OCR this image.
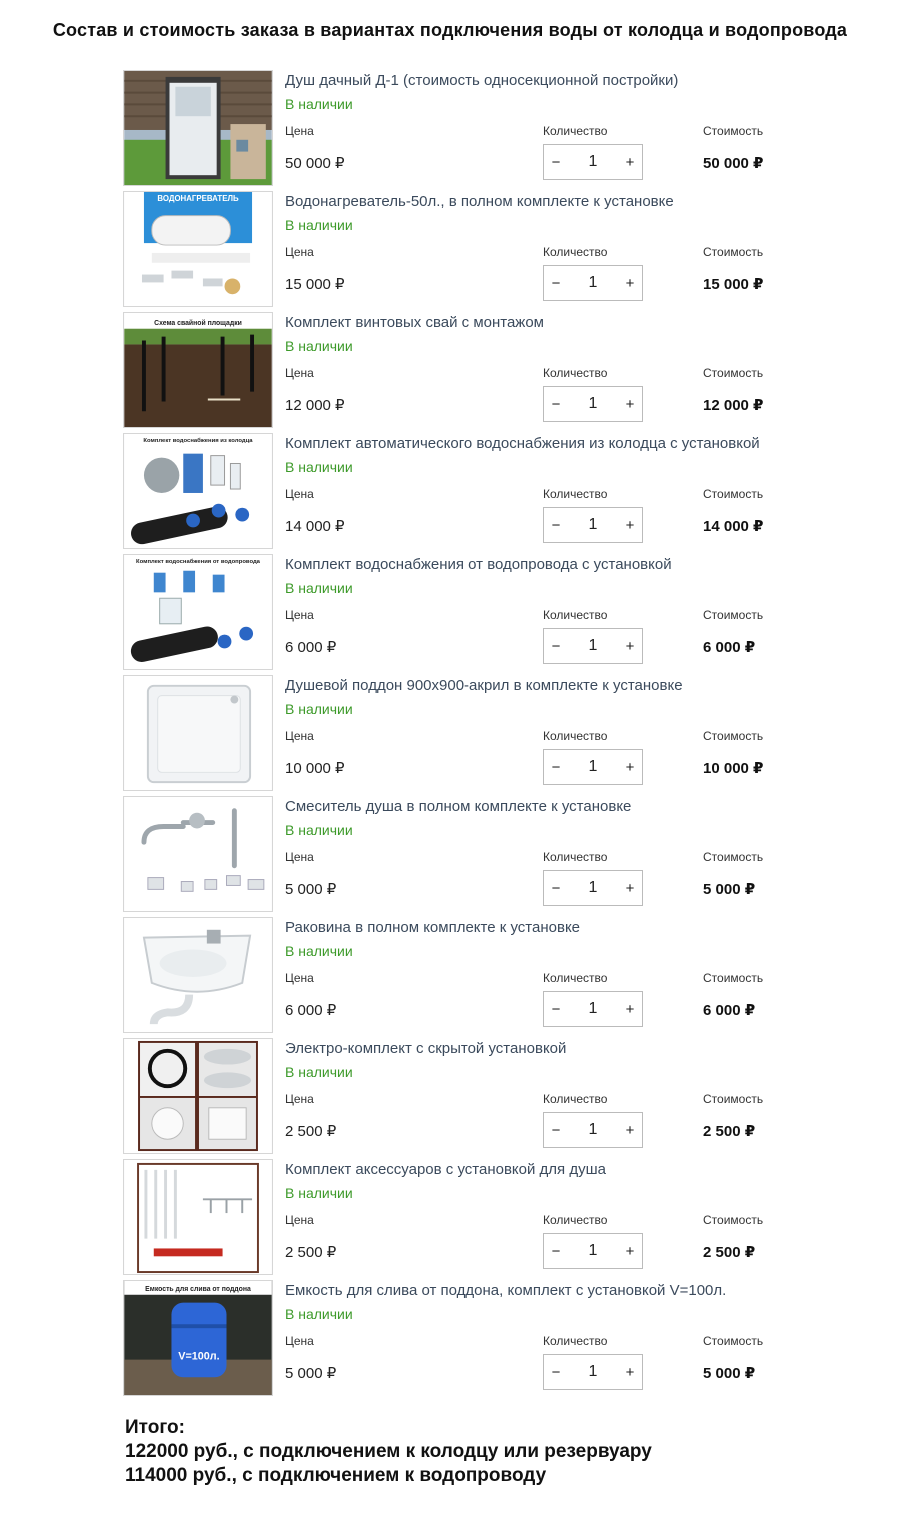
Состав и стоимость заказа в вариантах подключения воды от колодца и водопровода
Душ дачный Д-1 (стоимость односекционной постройки)
В наличии
Цена	Количество	Стоимость
50 000 ₽	−	1	+	50 000 ₽
ВОДОНАГРЕВАТЕЛЬ	Водонагреватель-50л., в полном комплекте к установке
В наличии
Цена	Количество	Стоимость
15 000 ₽	−	1	+	15 000 ₽
Схема свайной площадки	Комплект винтовых свай с монтажом
В наличии
Цена	Количество	Стоимость
12 000 ₽	−	1	+	12 000 ₽
Комплект водоснабжения из колодца Комплект автоматического водоснабжения из колодца с установкой
В наличии
Цена	Количество	Стоимость
14 000 ₽	−	1	+	14 000 ₽
Комплект водоснабжения от водопровода Комплект водоснабжения от водопровода с установкой
В наличии
Цена	Количество	Стоимость
6 000 ₽	−	1	+	6 000 ₽
Душевой поддон 900x900-акрил в комплекте к установке
В наличии
Цена	Количество	Стоимость
10 000 ₽	−	1	+	10 000 ₽
Смеситель душа в полном комплекте к установке
В наличии
Цена	Количество	Стоимость
5 000 ₽	−	1	+	5 000 ₽
Раковина в полном комплекте к установке
В наличии
Цена	Количество	Стоимость
6 000 ₽	−	1	+	6 000 ₽
Электро-комплект с скрытой установкой
В наличии
Цена	Количество	Стоимость
2 500 ₽	−	1	+	2 500 ₽
Комплект аксессуаров с установкой для душа
В наличии
Цена	Количество	Стоимость
2 500 ₽	−	1	+	2 500 ₽
Емкость для слива от поддона
V=100л.
Емкость для слива от поддона, комплект с установкой V=100л.
В наличии
Цена	Количество	Стоимость
5 000 ₽	−	1	+	5 000 ₽
Итого:
122000 руб., с подключением к колодцу или резервуару
114000 руб., с подключением к водопроводу
